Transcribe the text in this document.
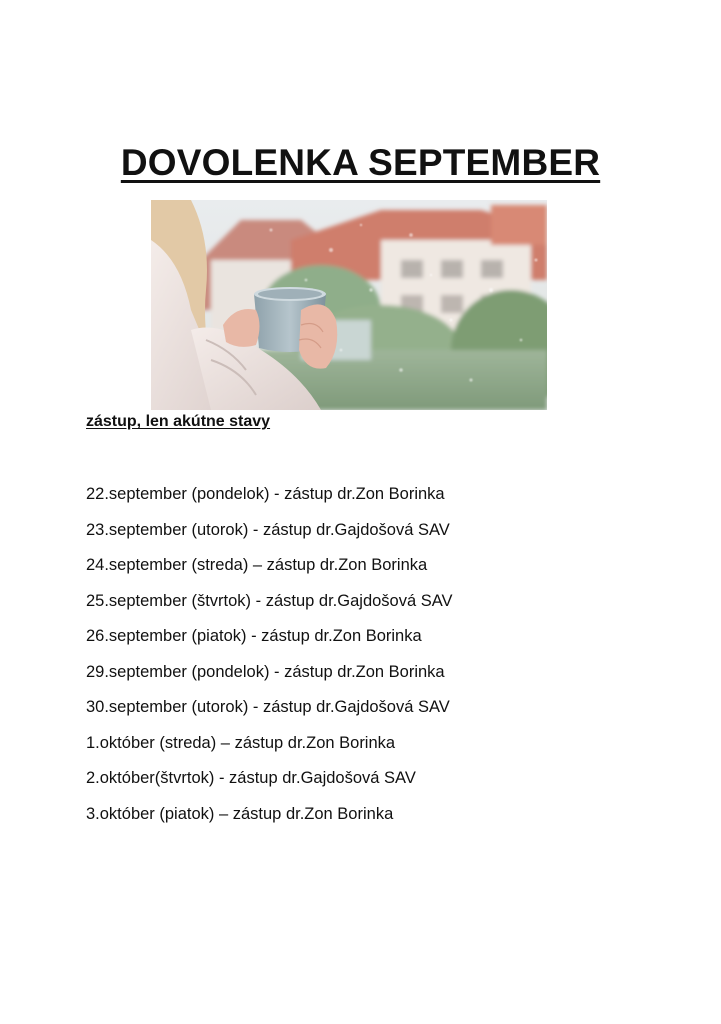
DOVOLENKA SEPTEMBER

zástup, len akútne stavy

22.september (pondelok) - zástup dr.Zon Borinka
23.september (utorok) - zástup dr.Gajdošová SAV
24.september (streda) – zástup dr.Zon Borinka
25.september (štvrtok) - zástup dr.Gajdošová SAV
26.september (piatok) - zástup dr.Zon Borinka
29.september (pondelok) - zástup dr.Zon Borinka
30.september (utorok) - zástup dr.Gajdošová SAV
1.október (streda) – zástup dr.Zon Borinka
2.október(štvrtok) - zástup dr.Gajdošová SAV
3.október (piatok) – zástup dr.Zon Borinka
